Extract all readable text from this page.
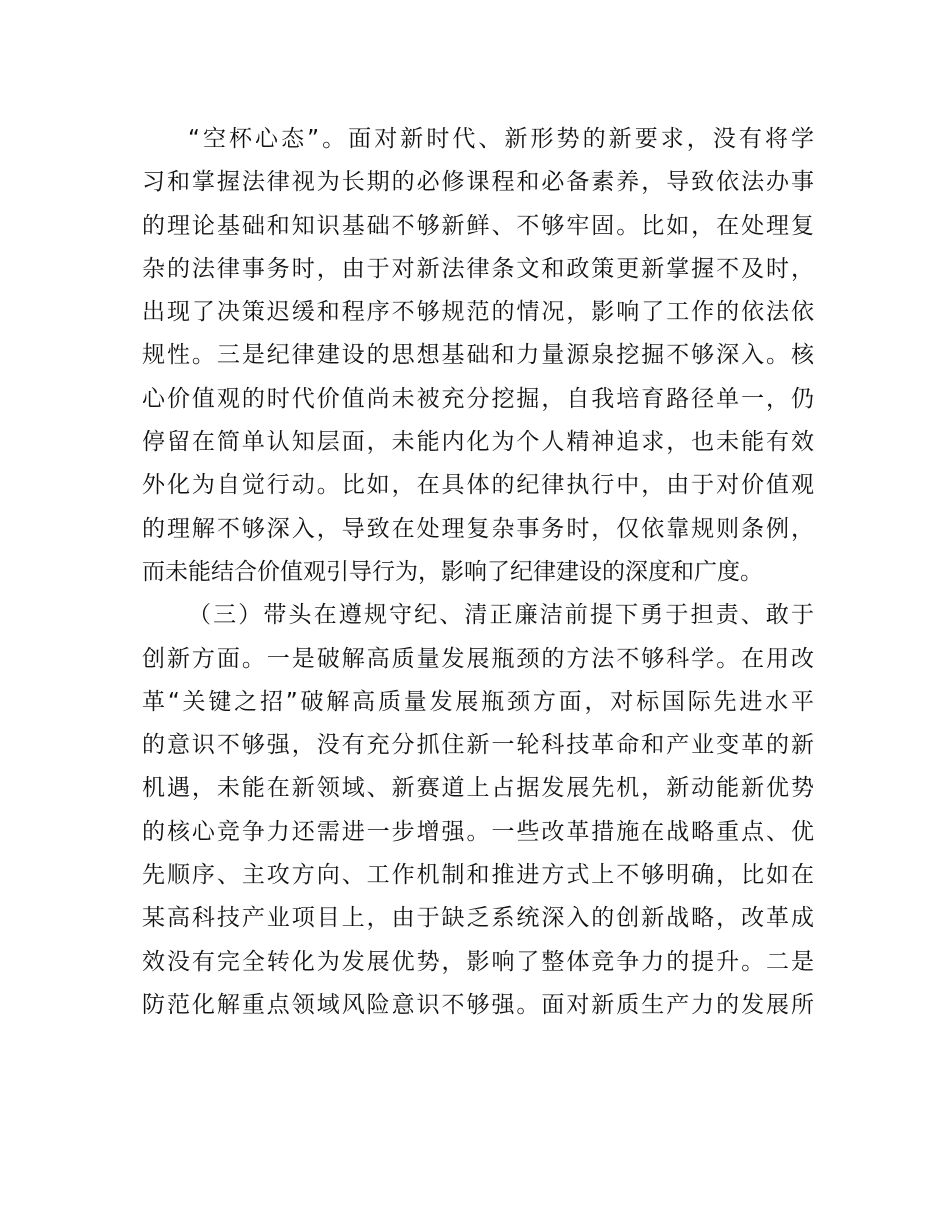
“空杯心态”。面对新时代、新形势的新要求，没有将学
习和掌握法律视为长期的必修课程和必备素养，导致依法办事
的理论基础和知识基础不够新鲜、不够牢固。比如，在处理复
杂的法律事务时，由于对新法律条文和政策更新掌握不及时，
出现了决策迟缓和程序不够规范的情况，影响了工作的依法依
规性。三是纪律建设的思想基础和力量源泉挖掘不够深入。核
心价值观的时代价值尚未被充分挖掘，自我培育路径单一，仍
停留在简单认知层面，未能内化为个人精神追求，也未能有效
外化为自觉行动。比如，在具体的纪律执行中，由于对价值观
的理解不够深入，导致在处理复杂事务时，仅依靠规则条例，
而未能结合价值观引导行为，影响了纪律建设的深度和广度。
（三）带头在遵规守纪、清正廉洁前提下勇于担责、敢于
创新方面。一是破解高质量发展瓶颈的方法不够科学。在用改
革“关键之招”破解高质量发展瓶颈方面，对标国际先进水平
的意识不够强，没有充分抓住新一轮科技革命和产业变革的新
机遇，未能在新领域、新赛道上占据发展先机，新动能新优势
的核心竞争力还需进一步增强。一些改革措施在战略重点、优
先顺序、主攻方向、工作机制和推进方式上不够明确，比如在
某高科技产业项目上，由于缺乏系统深入的创新战略，改革成
效没有完全转化为发展优势，影响了整体竞争力的提升。二是
防范化解重点领域风险意识不够强。面对新质生产力的发展所
